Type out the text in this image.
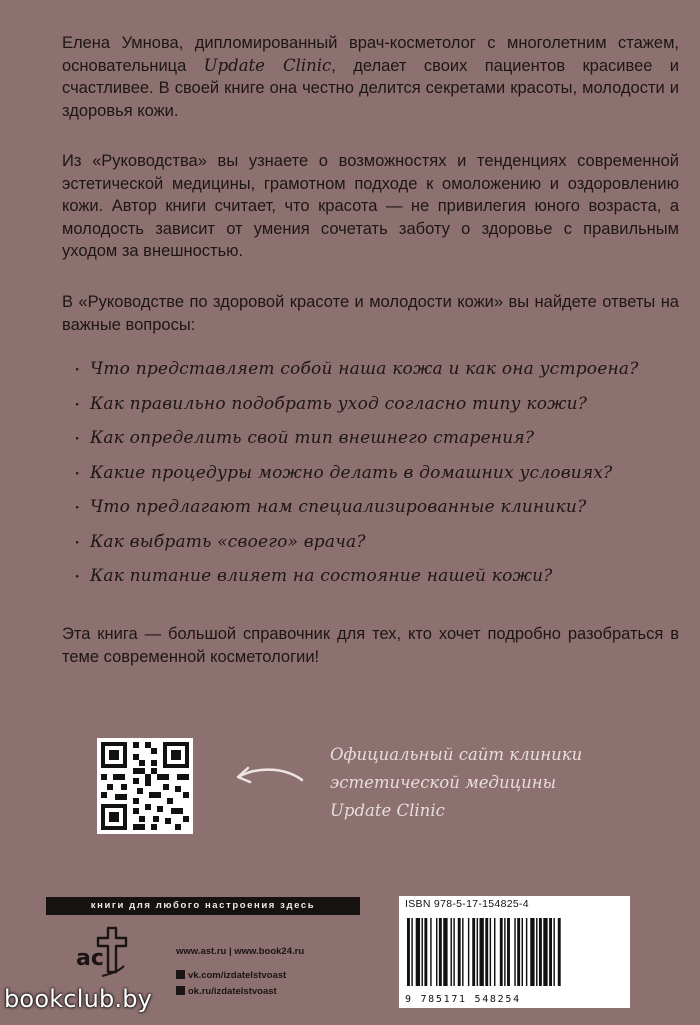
Елена Умнова, дипломированный врач-косметолог с многолетним стажем, основательница Update Clinic, делает своих пациентов красивее и счастливее. В своей книге она честно делится секретами красоты, молодости и здоровья кожи.

Из «Руководства» вы узнаете о возможностях и тенденциях современной эстетической медицины, грамотном подходе к омоложению и оздоровлению кожи. Автор книги считает, что красота — не привилегия юного возраста, а молодость зависит от умения сочетать заботу о здоровье с правильным уходом за внешностью.

В «Руководстве по здоровой красоте и молодости кожи» вы найдете ответы на важные вопросы:

· Что представляет собой наша кожа и как она устроена?
· Как правильно подобрать уход согласно типу кожи?
· Как определить свой тип внешнего старения?
· Какие процедуры можно делать в домашних условиях?
· Что предлагают нам специализированные клиники?
· Как выбрать «своего» врача?
· Как питание влияет на состояние нашей кожи?

Эта книга — большой справочник для тех, кто хочет подробно разобраться в теме современной косметологии!

Официальный сайт клиники
эстетической медицины
Update Clinic
книги для любого настроения здесь
ас	www.ast.ru | www.book24.ru
vk.com/izdatelstvoast
ok.ru/izdatelstvoast
ISBN 978-5-17-154825-4
9 785171 548254
bookclub.by
